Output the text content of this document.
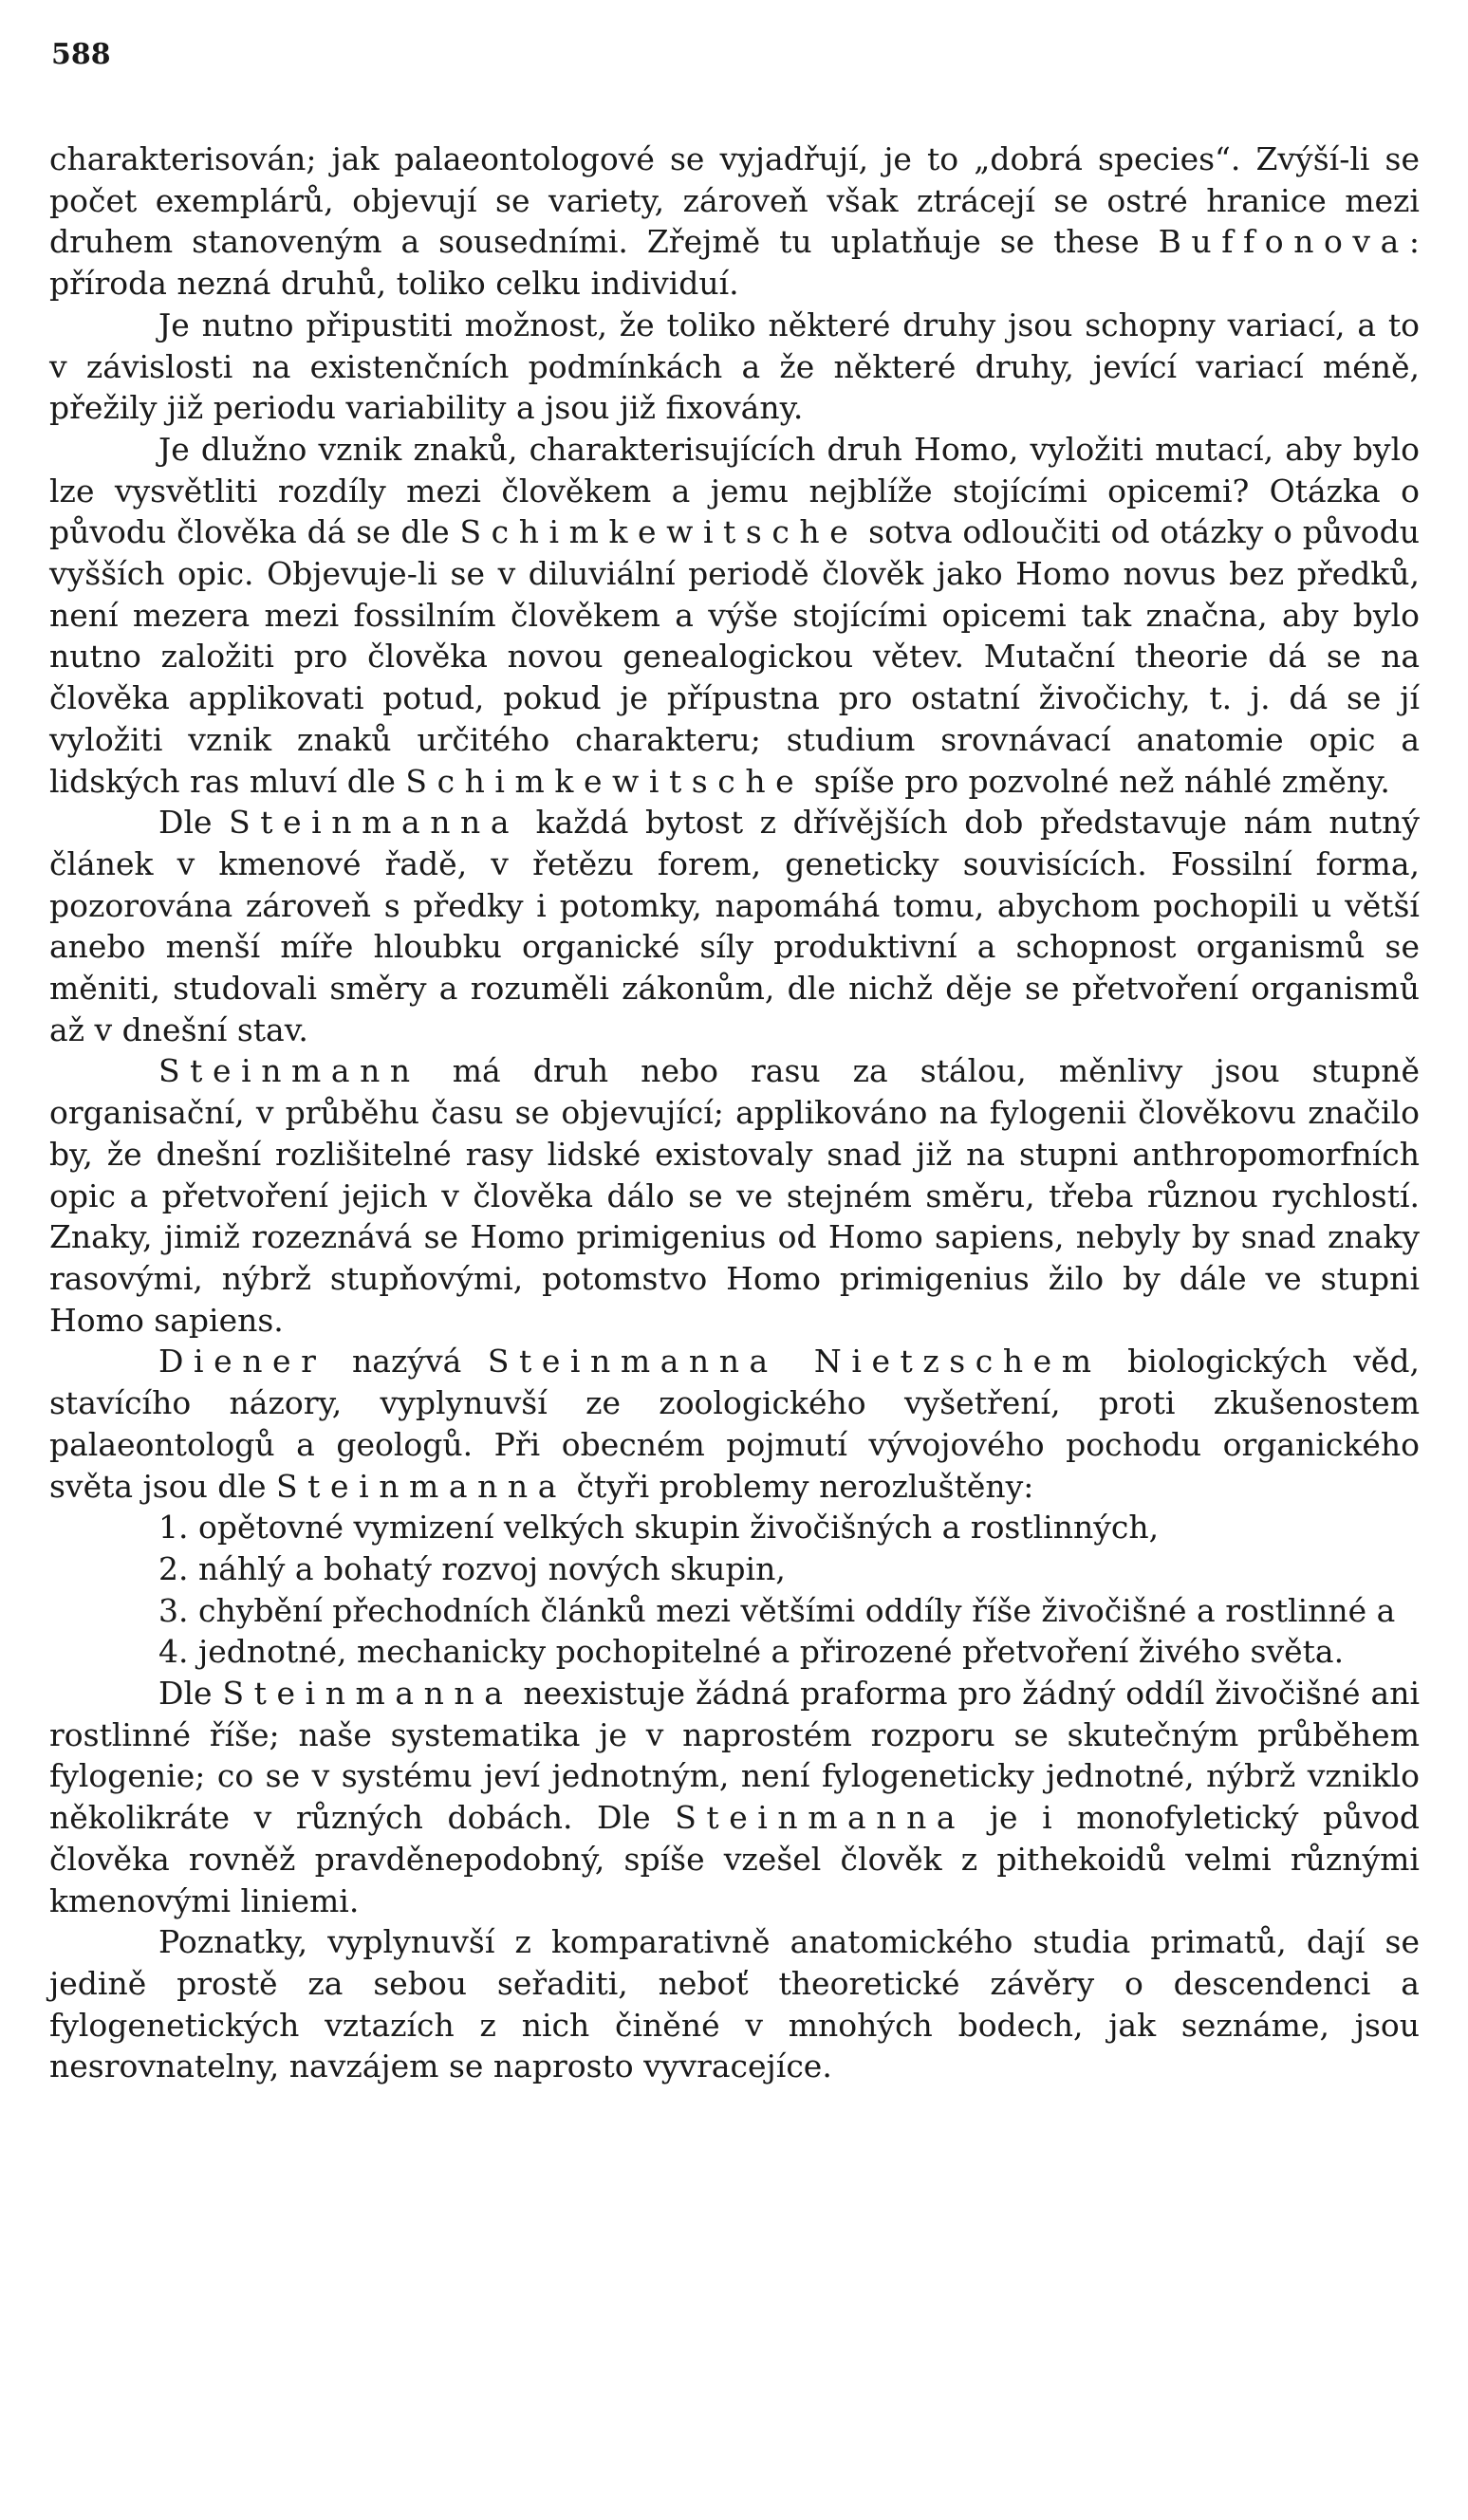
588

charakterisován; jak palaeontologové se vyjadřují, je to „dobrá species“. Zvýší-li se počet exemplárů, objevují se variety, zároveň však ztrácejí se ostré hranice mezi druhem stanoveným a sousedními. Zřejmě tu uplatňuje se these Buffonova: příroda nezná druhů, toliko celku individuí.

Je nutno připustiti možnost, že toliko některé druhy jsou schopny variací, a to v závislosti na existenčních podmínkách a že některé druhy, jevící variací méně, přežily již periodu variability a jsou již fixovány.

Je dlužno vznik znaků, charakterisujících druh Homo, vyložiti mutací, aby bylo lze vysvětliti rozdíly mezi člověkem a jemu nejblíže stojícími opicemi? Otázka o původu člověka dá se dle Schimkewitsche sotva odloučiti od otázky o původu vyšších opic. Objevuje-li se v diluviální periodě člověk jako Homo novus bez předků, není mezera mezi fossilním člověkem a výše stojícími opicemi tak značna, aby bylo nutno založiti pro člověka novou genealogickou větev. Mutační theorie dá se na člověka applikovati potud, pokud je přípustna pro ostatní živočichy, t. j. dá se jí vyložiti vznik znaků určitého charakteru; studium srovnávací anatomie opic a lidských ras mluví dle Schimkewitsche spíše pro pozvolné než náhlé změny.

Dle Steinmanna každá bytost z dřívějších dob představuje nám nutný článek v kmenové řadě, v řetězu forem, geneticky souvisících. Fossilní forma, pozorována zároveň s předky i potomky, napomáhá tomu, abychom pochopili u větší anebo menší míře hloubku organické síly produktivní a schopnost organismů se měniti, studovali směry a rozuměli zákonům, dle nichž děje se přetvoření organismů až v dnešní stav.

Steinmann má druh nebo rasu za stálou, měnlivy jsou stupně organisační, v průběhu času se objevující; applikováno na fylogenii člověkovu značilo by, že dnešní rozlišitelné rasy lidské existovaly snad již na stupni anthropomorfních opic a přetvoření jejich v člověka dálo se ve stejném směru, třeba různou rychlostí. Znaky, jimiž rozeznává se Homo primigenius od Homo sapiens, nebyly by snad znaky rasovými, nýbrž stupňovými, potomstvo Homo primigenius žilo by dále ve stupni Homo sapiens.

Diener nazývá Steinmanna Nietzschem biologických věd, stavícího názory, vyplynuvší ze zoologického vyšetření, proti zkušenostem palaeontologů a geologů. Při obecném pojmutí vývojového pochodu organického světa jsou dle Steinmanna čtyři problemy nerozluštěny:

1. opětovné vymizení velkých skupin živočišných a rostlinných,

2. náhlý a bohatý rozvoj nových skupin,

3. chybění přechodních článků mezi většími oddíly říše živočišné a rostlinné a

4. jednotné, mechanicky pochopitelné a přirozené přetvoření živého světa.

Dle Steinmanna neexistuje žádná praforma pro žádný oddíl živočišné ani rostlinné říše; naše systematika je v naprostém rozporu se skutečným průběhem fylogenie; co se v systému jeví jednotným, není fylogeneticky jednotné, nýbrž vzniklo několikráte v různých dobách. Dle Steinmanna je i monofyletický původ člověka rovněž pravděnepodobný, spíše vzešel člověk z pithekoidů velmi různými kmenovými liniemi.

Poznatky, vyplynuvší z komparativně anatomického studia primatů, dají se jedině prostě za sebou seřaditi, neboť theoretické závěry o descendenci a fylogenetických vztazích z nich činěné v mnohých bodech, jak seznáme, jsou nesrovnatelny, navzájem se naprosto vyvracejíce.
